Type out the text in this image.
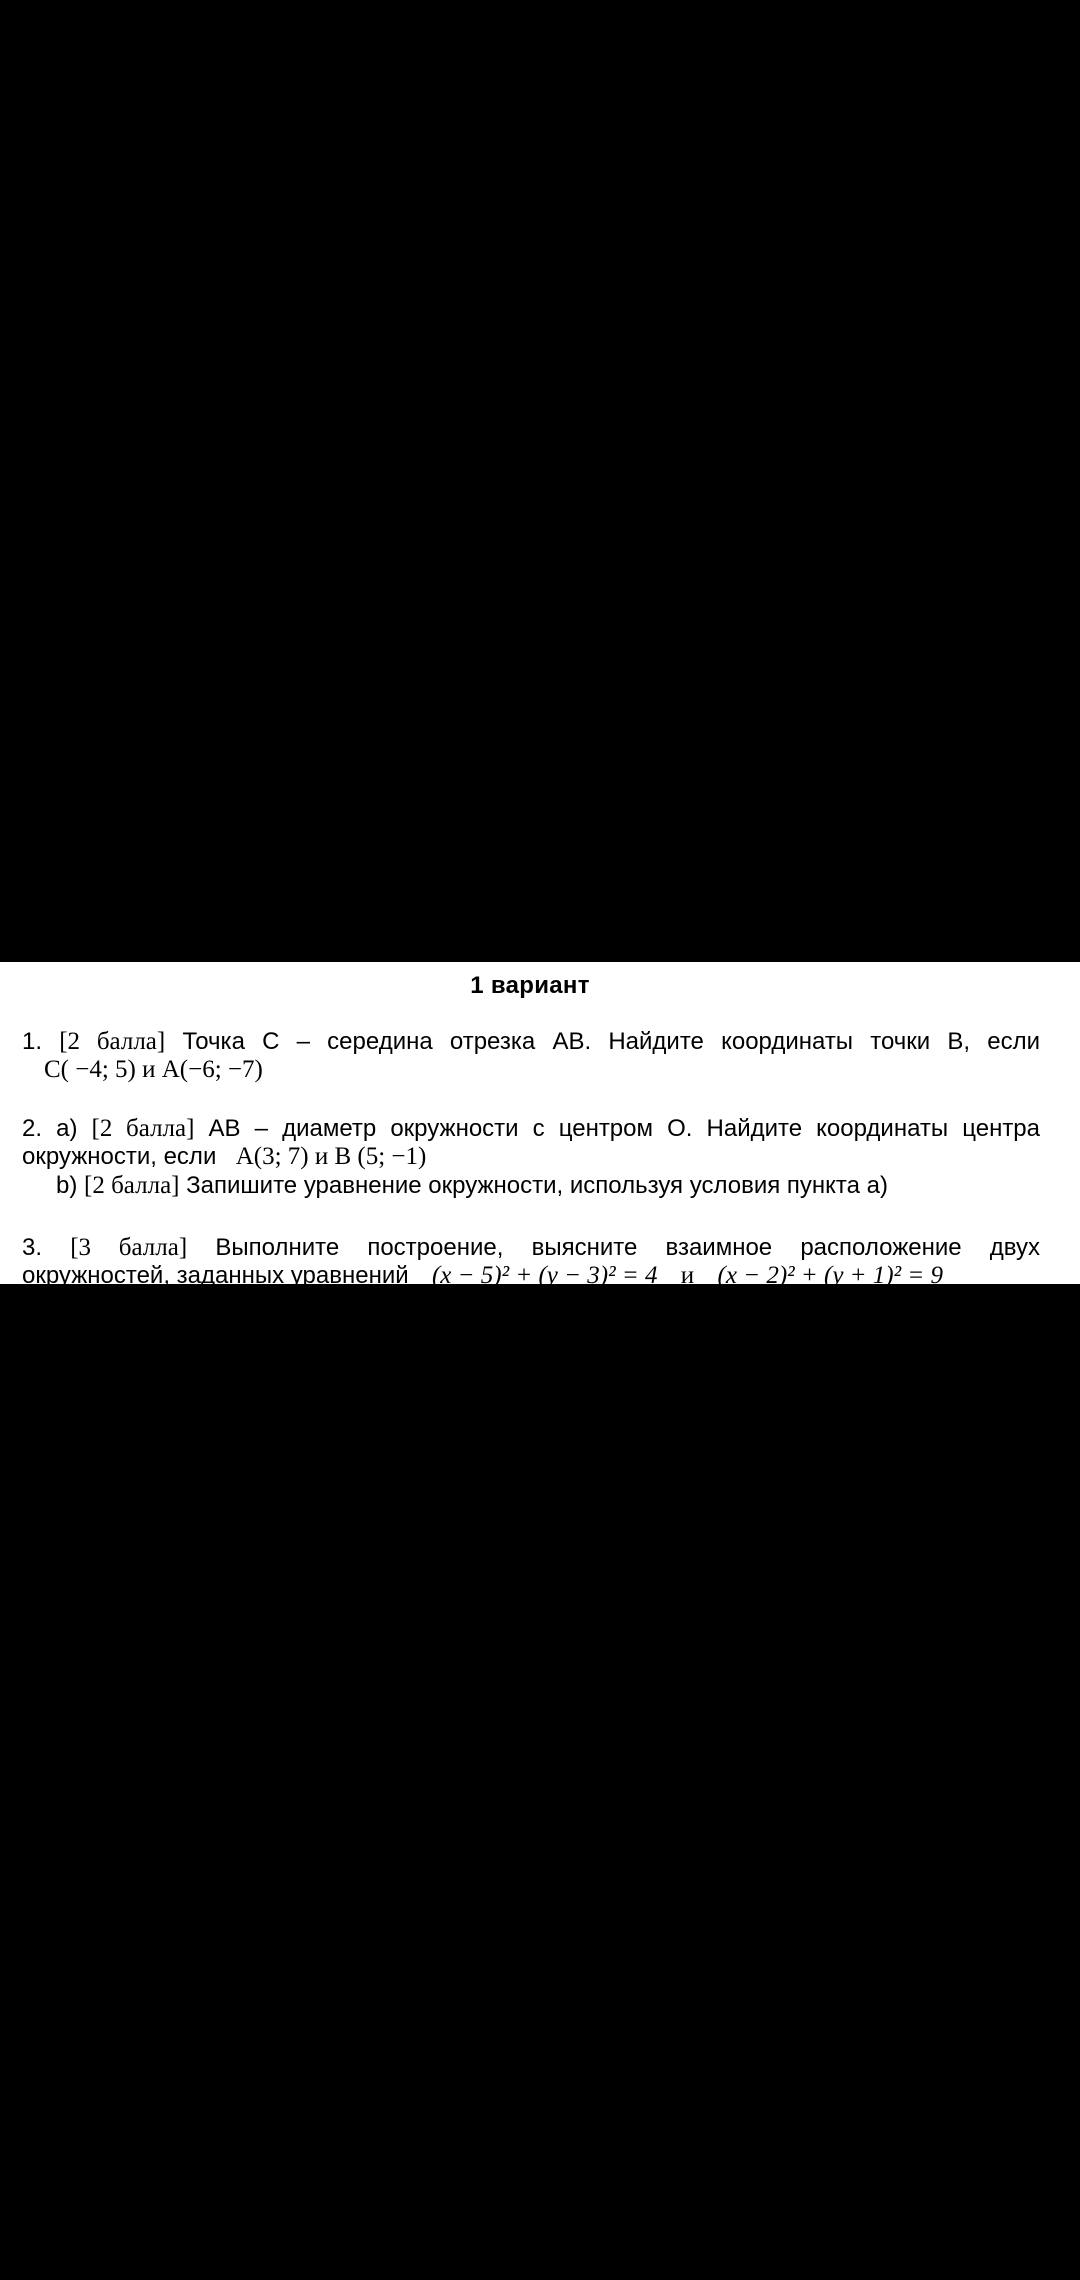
1 вариант
1. [2 балла] Точка С – середина отрезка АВ. Найдите координаты точки В, если
C( −4; 5) и A(−6; −7)
2. а) [2 балла] АВ – диаметр окружности с центром О. Найдите координаты центра
окружности, если A(3; 7) и B (5; −1)
b) [2 балла] Запишите уравнение окружности, используя условия пункта а)
3. [3 балла] Выполните построение, выясните взаимное расположение двух
окружностей, заданных уравнений (x − 5)² + (y − 3)² = 4 и (x − 2)² + (y + 1)² = 9
